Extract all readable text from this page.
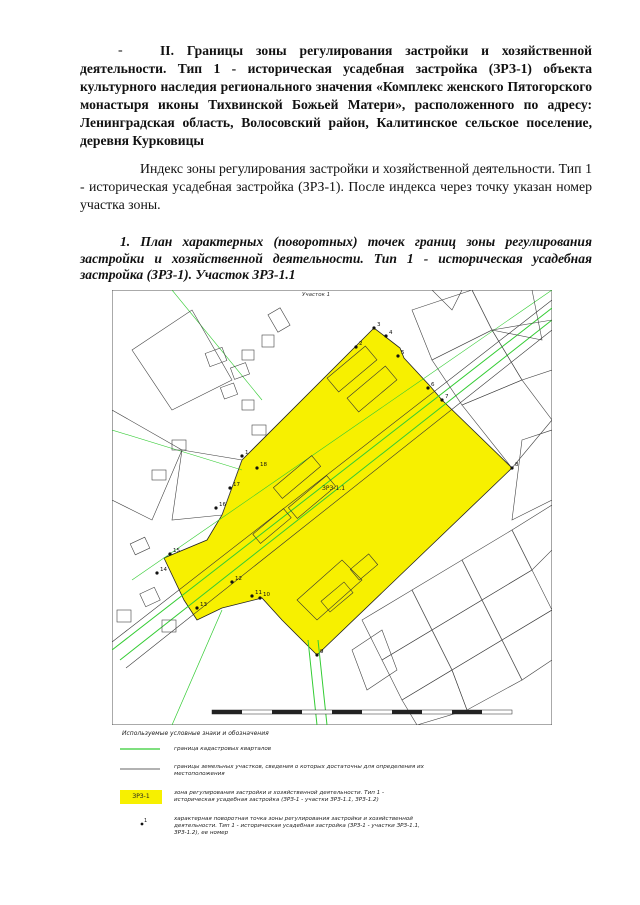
-	II. Границы зоны регулирования застройки и хозяйственной деятельности. Тип 1 - историческая усадебная застройка (ЗРЗ-1) объекта культурного наследия регионального значения «Комплекс женского Пятогорского монастыря иконы Тихвинской Божьей Матери», расположенного по адресу: Ленинградская область, Волосовский район, Калитинское сельское поселение, деревня Курковицы
Индекс зоны регулирования застройки и хозяйственной деятельности. Тип 1 - историческая усадебная застройка (ЗРЗ-1). После индекса через точку указан номер участка зоны.
1. План характерных (поворотных) точек границ зоны регулирования застройки и хозяйственной деятельности. Тип 1 - историческая усадебная застройка (ЗРЗ-1). Участок ЗРЗ-1.1
Участок 1
ЗРЗ-1.1
1
2
3
4
5
6
7
8
9
10
11
12
13
14
15
16
17
18
Используемые условные знаки и обозначения
граница кадастровых кварталов
границы земельных участков, сведения о которых достаточны для определения их местоположения
ЗРЗ-1	зона регулирования застройки и хозяйственной деятельности. Тип 1 - историческая усадебная застройка (ЗРЗ-1 - участки ЗРЗ-1.1, ЗРЗ-1.2)
1	характерная поворотная точка зоны регулирования застройки и хозяйственной деятельности. Тип 1 - историческая усадебная застройка (ЗРЗ-1 - участки ЗРЗ-1.1, ЗРЗ-1.2), ее номер
